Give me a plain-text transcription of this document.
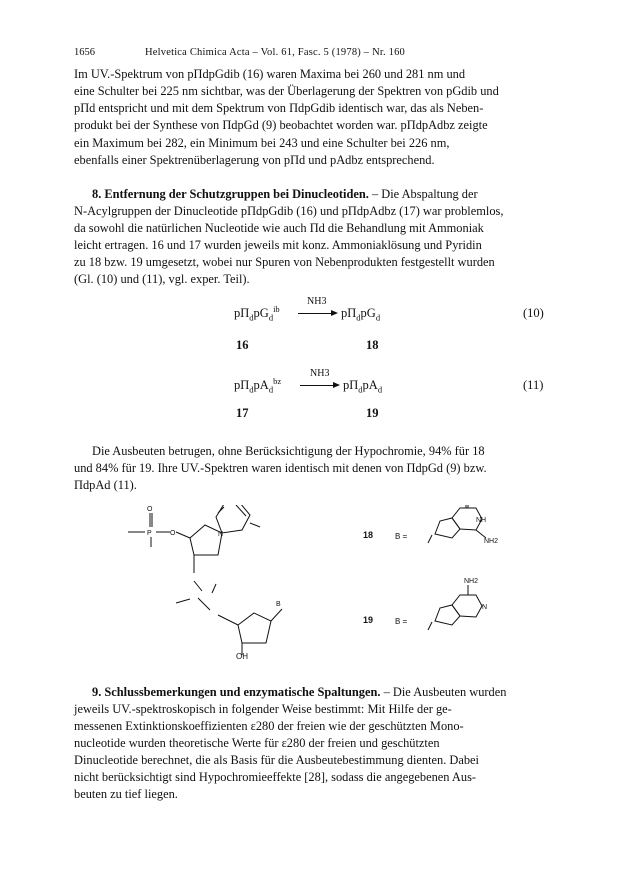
1656	Helvetica Chimica Acta – Vol. 61, Fasc. 5 (1978) – Nr. 160

Im UV.-Spektrum von pΠdpGdib (16) waren Maxima bei 260 und 281 nm und

eine Schulter bei 225 nm sichtbar, was der Überlagerung der Spektren von pGdib und

pΠd entspricht und mit dem Spektrum von ΠdpGdib identisch war, das als Neben-

produkt bei der Synthese von ΠdpGd (9) beobachtet worden war. pΠdpAdbz zeigte

ein Maximum bei 282, ein Minimum bei 243 und eine Schulter bei 226 nm,

ebenfalls einer Spektrenüberlagerung von pΠd und pAdbz entsprechend.

8. Entfernung der Schutzgruppen bei Dinucleotiden. – Die Abspaltung der

N-Acylgruppen der Dinucleotide pΠdpGdib (16) und pΠdpAdbz (17) war problemlos,

da sowohl die natürlichen Nucleotide wie auch Πd die Behandlung mit Ammoniak

leicht ertragen. 16 und 17 wurden jeweils mit konz. Ammoniaklösung und Pyridin

zu 18 bzw. 19 umgesetzt, wobei nur Spuren von Nebenprodukten festgestellt wurden

(Gl. (10) und (11), vgl. exper. Teil).

$p\Pi_dpG_d^{ib}$
NH3
→ $p\Pi_dpG_d$	(10)
16	18
$p\Pi_dpA_d^{bz}$
NH3
→ $p\Pi_dpA_d$	(11)
17	19

Die Ausbeuten betrugen, ohne Berücksichtigung der Hypochromie, 94% für 18

und 84% für 19. Ihre UV.-Spektren waren identisch mit denen von ΠdpGd (9) bzw.

ΠdpAd (11).

O
P	O	N
B
NH
NH2
NH2
N
18	B =
19	B =
OH

9. Schlussbemerkungen und enzymatische Spaltungen. – Die Ausbeuten wurden

jeweils UV.-spektroskopisch in folgender Weise bestimmt: Mit Hilfe der ge-

messenen Extinktionskoeffizienten ε280 der freien wie der geschützten Mono-

nucleotide wurden theoretische Werte für ε280 der freien und geschützten

Dinucleotide berechnet, die als Basis für die Ausbeutebestimmung dienten. Dabei

nicht berücksichtigt sind Hypochromieeffekte [28], sodass die angegebenen Aus-

beuten zu tief liegen.
